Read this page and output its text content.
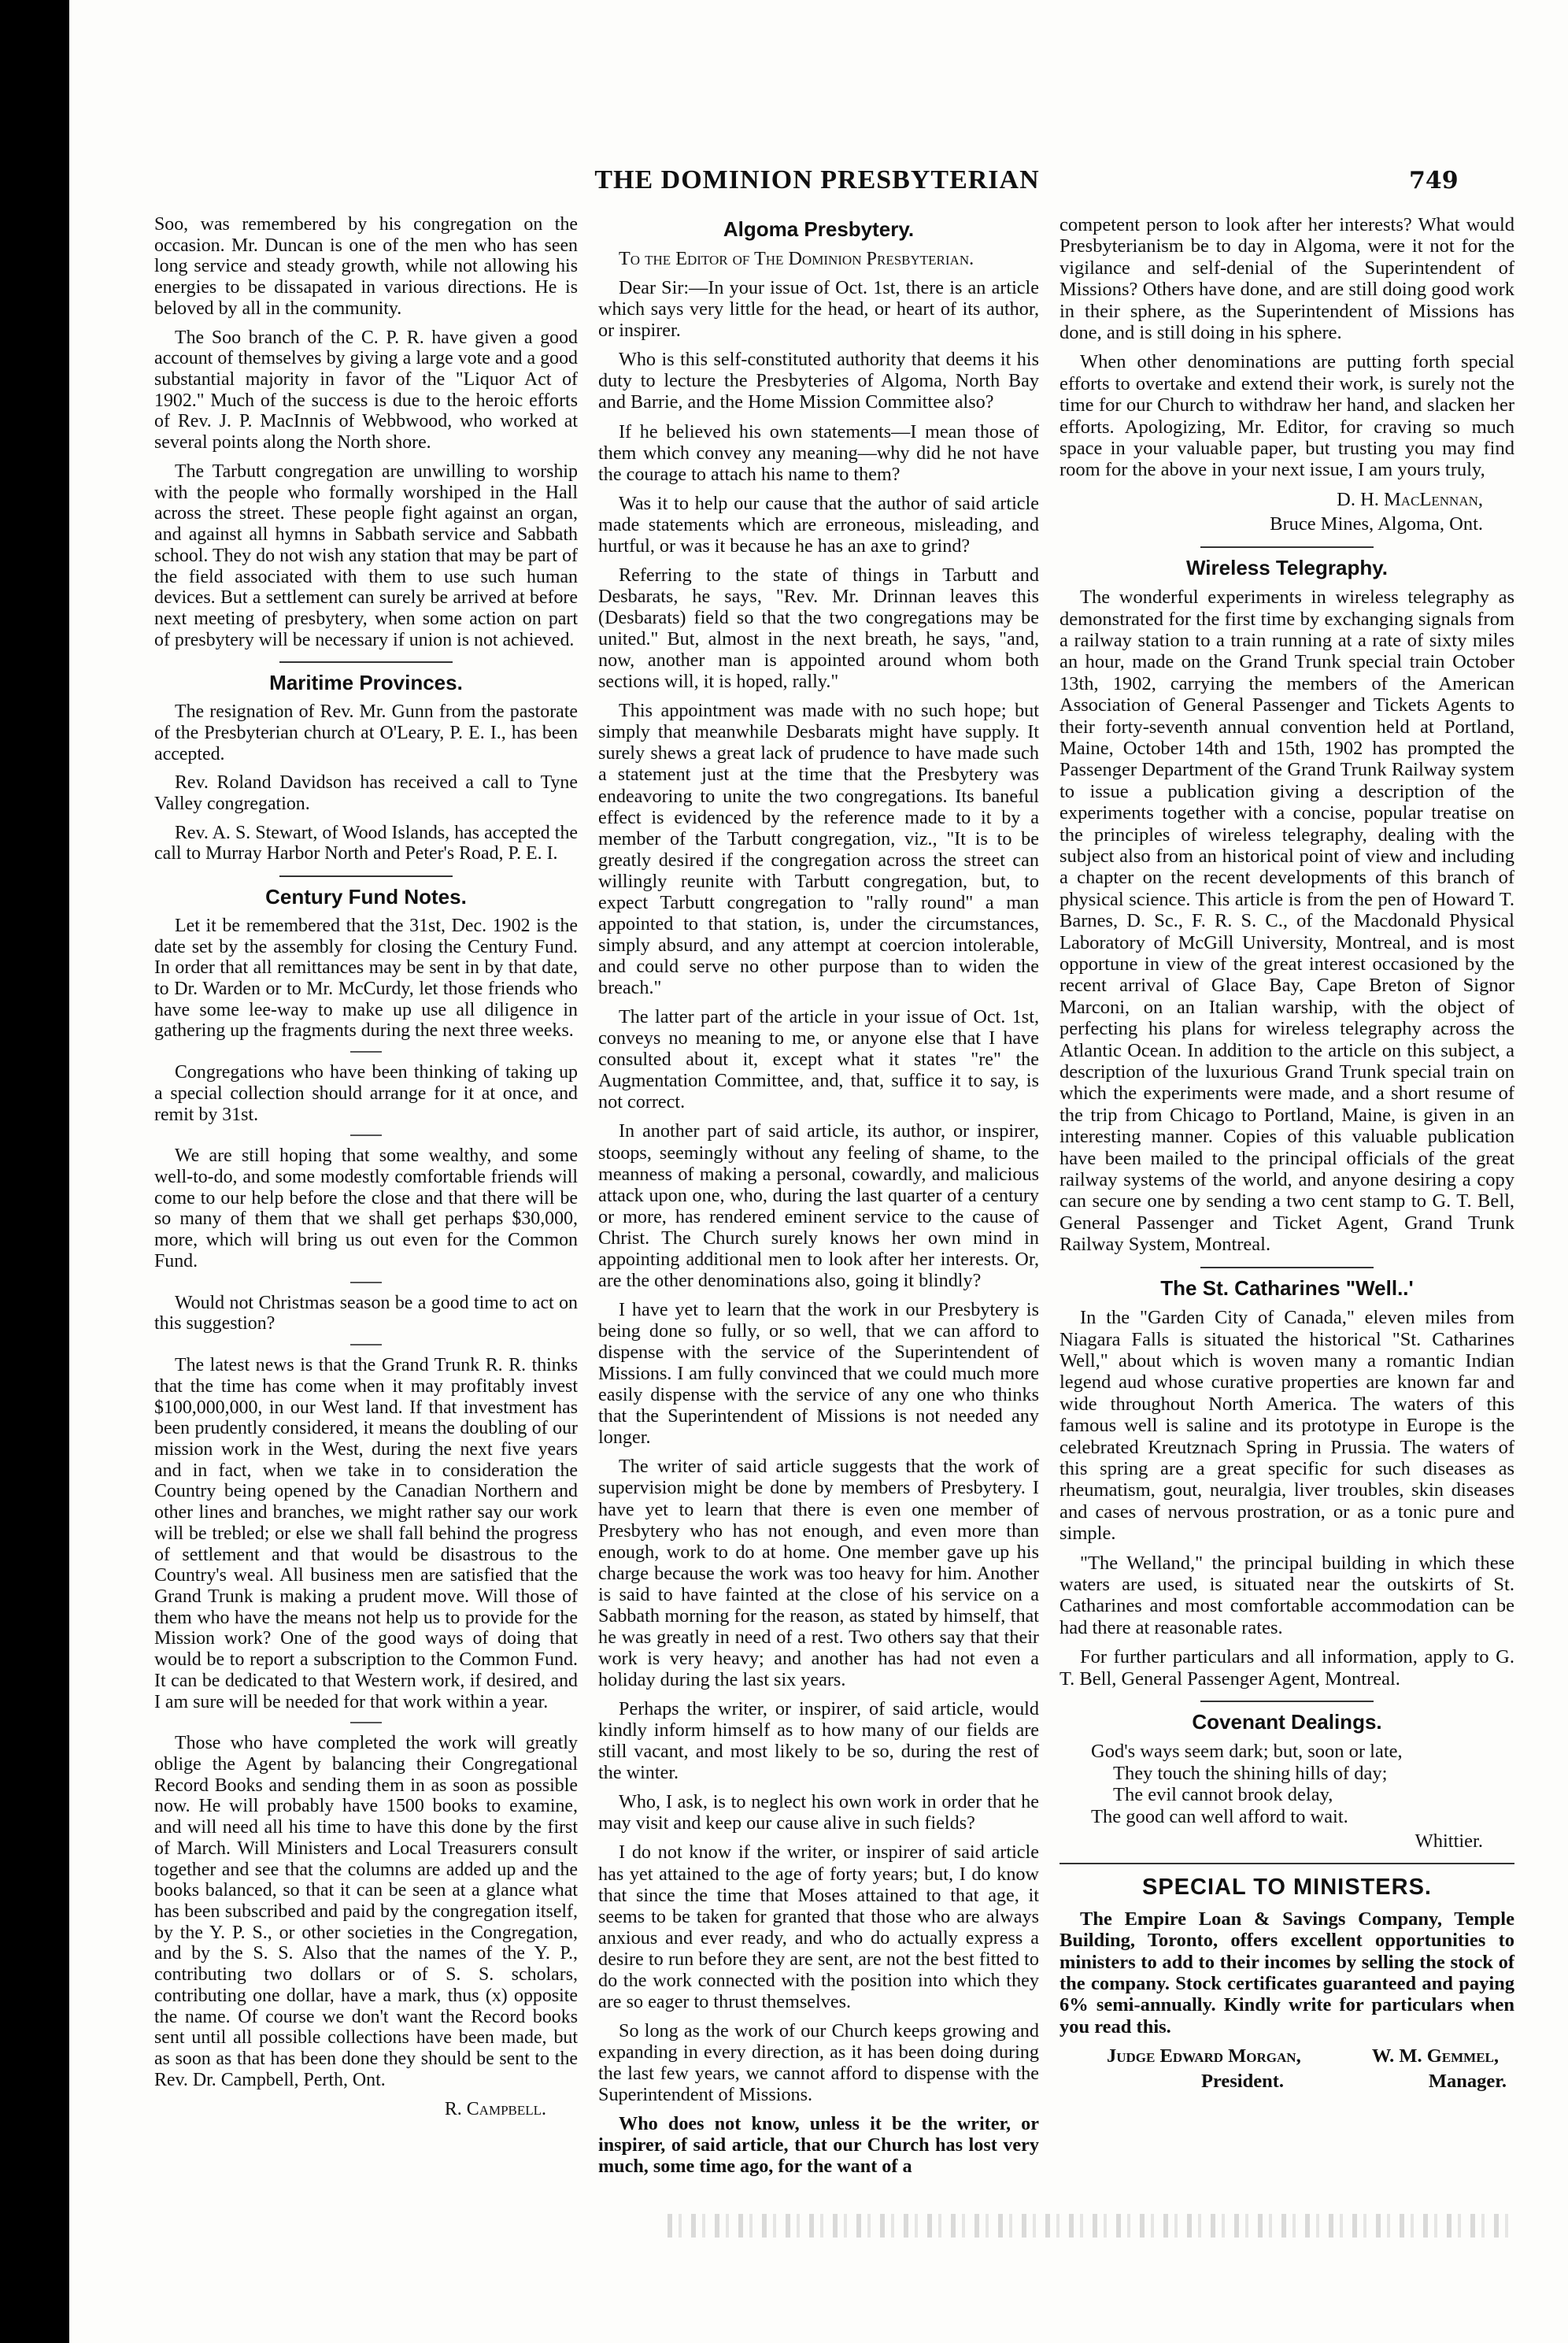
THE DOMINION PRESBYTERIAN	749

Soo, was remembered by his congregation on the occasion. Mr. Duncan is one of the men who has seen long service and steady growth, while not allowing his energies to be dissapated in various directions. He is beloved by all in the community.

The Soo branch of the C. P. R. have given a good account of themselves by giving a large vote and a good substantial majority in favor of the "Liquor Act of 1902." Much of the success is due to the heroic efforts of Rev. J. P. MacInnis of Webbwood, who worked at several points along the North shore.

The Tarbutt congregation are unwilling to worship with the people who formally worshiped in the Hall across the street. These people fight against an organ, and against all hymns in Sabbath service and Sabbath school. They do not wish any station that may be part of the field associated with them to use such human devices. But a settlement can surely be arrived at before next meeting of presbytery, when some action on part of presbytery will be necessary if union is not achieved.

Maritime Provinces.

The resignation of Rev. Mr. Gunn from the pastorate of the Presbyterian church at O'Leary, P. E. I., has been accepted.

Rev. Roland Davidson has received a call to Tyne Valley congregation.

Rev. A. S. Stewart, of Wood Islands, has accepted the call to Murray Harbor North and Peter's Road, P. E. I.

Century Fund Notes.

Let it be remembered that the 31st, Dec. 1902 is the date set by the assembly for closing the Century Fund. In order that all remittances may be sent in by that date, to Dr. Warden or to Mr. McCurdy, let those friends who have some lee-way to make up use all diligence in gathering up the fragments during the next three weeks.

Congregations who have been thinking of taking up a special collection should arrange for it at once, and remit by 31st.

We are still hoping that some wealthy, and some well-to-do, and some modestly comfortable friends will come to our help before the close and that there will be so many of them that we shall get perhaps $30,000, more, which will bring us out even for the Common Fund.

Would not Christmas season be a good time to act on this suggestion?

The latest news is that the Grand Trunk R. R. thinks that the time has come when it may profitably invest $100,000,000, in our West land. If that investment has been prudently considered, it means the doubling of our mission work in the West, during the next five years and in fact, when we take in to consideration the Country being opened by the Canadian Northern and other lines and branches, we might rather say our work will be trebled; or else we shall fall behind the progress of settlement and that would be disastrous to the Country's weal. All business men are satisfied that the Grand Trunk is making a prudent move. Will those of them who have the means not help us to provide for the Mission work? One of the good ways of doing that would be to report a subscription to the Common Fund. It can be dedicated to that Western work, if desired, and I am sure will be needed for that work within a year.

Those who have completed the work will greatly oblige the Agent by balancing their Congregational Record Books and sending them in as soon as possible now. He will probably have 1500 books to examine, and will need all his time to have this done by the first of March. Will Ministers and Local Treasurers consult together and see that the columns are added up and the books balanced, so that it can be seen at a glance what has been subscribed and paid by the congregation itself, by the Y. P. S., or other societies in the Congregation, and by the S. S. Also that the names of the Y. P., contributing two dollars or of S. S. scholars, contributing one dollar, have a mark, thus (x) opposite the name. Of course we don't want the Record books sent until all possible collections have been made, but as soon as that has been done they should be sent to the Rev. Dr. Campbell, Perth, Ont.

R. Campbell.
Algoma Presbytery.

To the Editor of The Dominion Presbyterian.

Dear Sir:—In your issue of Oct. 1st, there is an article which says very little for the head, or heart of its author, or inspirer.

Who is this self-constituted authority that deems it his duty to lecture the Presbyteries of Algoma, North Bay and Barrie, and the Home Mission Committee also?

If he believed his own statements—I mean those of them which convey any meaning—why did he not have the courage to attach his name to them?

Was it to help our cause that the author of said article made statements which are erroneous, misleading, and hurtful, or was it because he has an axe to grind?

Referring to the state of things in Tarbutt and Desbarats, he says, "Rev. Mr. Drinnan leaves this (Desbarats) field so that the two congregations may be united." But, almost in the next breath, he says, "and, now, another man is appointed around whom both sections will, it is hoped, rally."

This appointment was made with no such hope; but simply that meanwhile Desbarats might have supply. It surely shews a great lack of prudence to have made such a statement just at the time that the Presbytery was endeavoring to unite the two congregations. Its baneful effect is evidenced by the reference made to it by a member of the Tarbutt congregation, viz., "It is to be greatly desired if the congregation across the street can willingly reunite with Tarbutt congregation, but, to expect Tarbutt congregation to "rally round" a man appointed to that station, is, under the circumstances, simply absurd, and any attempt at coercion intolerable, and could serve no other purpose than to widen the breach."

The latter part of the article in your issue of Oct. 1st, conveys no meaning to me, or anyone else that I have consulted about it, except what it states "re" the Augmentation Committee, and, that, suffice it to say, is not correct.

In another part of said article, its author, or inspirer, stoops, seemingly without any feeling of shame, to the meanness of making a personal, cowardly, and malicious attack upon one, who, during the last quarter of a century or more, has rendered eminent service to the cause of Christ. The Church surely knows her own mind in appointing additional men to look after her interests. Or, are the other denominations also, going it blindly?

I have yet to learn that the work in our Presbytery is being done so fully, or so well, that we can afford to dispense with the service of the Superintendent of Missions. I am fully convinced that we could much more easily dispense with the service of any one who thinks that the Superintendent of Missions is not needed any longer.

The writer of said article suggests that the work of supervision might be done by members of Presbytery. I have yet to learn that there is even one member of Presbytery who has not enough, and even more than enough, work to do at home. One member gave up his charge because the work was too heavy for him. Another is said to have fainted at the close of his service on a Sabbath morning for the reason, as stated by himself, that he was greatly in need of a rest. Two others say that their work is very heavy; and another has had not even a holiday during the last six years.

Perhaps the writer, or inspirer, of said article, would kindly inform himself as to how many of our fields are still vacant, and most likely to be so, during the rest of the winter.

Who, I ask, is to neglect his own work in order that he may visit and keep our cause alive in such fields?

I do not know if the writer, or inspirer of said article has yet attained to the age of forty years; but, I do know that since the time that Moses attained to that age, it seems to be taken for granted that those who are always anxious and ever ready, and who do actually express a desire to run before they are sent, are not the best fitted to do the work connected with the position into which they are so eager to thrust themselves.

So long as the work of our Church keeps growing and expanding in every direction, as it has been doing during the last few years, we cannot afford to dispense with the Superintendent of Missions.

Who does not know, unless it be the writer, or inspirer, of said article, that our Church has lost very much, some time ago, for the want of a

competent person to look after her interests? What would Presbyterianism be to day in Algoma, were it not for the vigilance and self-denial of the Superintendent of Missions? Others have done, and are still doing good work in their sphere, as the Superintendent of Missions has done, and is still doing in his sphere.

When other denominations are putting forth special efforts to overtake and extend their work, is surely not the time for our Church to withdraw her hand, and slacken her efforts. Apologizing, Mr. Editor, for craving so much space in your valuable paper, but trusting you may find room for the above in your next issue, I am yours truly,

D. H. MacLennan,
Bruce Mines, Algoma, Ont.
Wireless Telegraphy.

The wonderful experiments in wireless telegraphy as demonstrated for the first time by exchanging signals from a railway station to a train running at a rate of sixty miles an hour, made on the Grand Trunk special train October 13th, 1902, carrying the members of the American Association of General Passenger and Tickets Agents to their forty-seventh annual convention held at Portland, Maine, October 14th and 15th, 1902 has prompted the Passenger Department of the Grand Trunk Railway system to issue a publication giving a description of the experiments together with a concise, popular treatise on the principles of wireless telegraphy, dealing with the subject also from an historical point of view and including a chapter on the recent developments of this branch of physical science. This article is from the pen of Howard T. Barnes, D. Sc., F. R. S. C., of the Macdonald Physical Laboratory of McGill University, Montreal, and is most opportune in view of the great interest occasioned by the recent arrival of Glace Bay, Cape Breton of Signor Marconi, on an Italian warship, with the object of perfecting his plans for wireless telegraphy across the Atlantic Ocean. In addition to the article on this subject, a description of the luxurious Grand Trunk special train on which the experiments were made, and a short resume of the trip from Chicago to Portland, Maine, is given in an interesting manner. Copies of this valuable publication have been mailed to the principal officials of the great railway systems of the world, and anyone desiring a copy can secure one by sending a two cent stamp to G. T. Bell, General Passenger and Ticket Agent, Grand Trunk Railway System, Montreal.

The St. Catharines "Well..'

In the "Garden City of Canada," eleven miles from Niagara Falls is situated the historical "St. Catharines Well," about which is woven many a romantic Indian legend aud whose curative properties are known far and wide throughout North America. The waters of this famous well is saline and its prototype in Europe is the celebrated Kreutznach Spring in Prussia. The waters of this spring are a great specific for such diseases as rheumatism, gout, neuralgia, liver troubles, skin diseases and cases of nervous prostration, or as a tonic pure and simple.

"The Welland," the principal building in which these waters are used, is situated near the outskirts of St. Catharines and most comfortable accommodation can be had there at reasonable rates.

For further particulars and all information, apply to G. T. Bell, General Passenger Agent, Montreal.

Covenant Dealings.
God's ways seem dark; but, soon or late,
They touch the shining hills of day;
The evil cannot brook delay,
The good can well afford to wait.
Whittier.
SPECIAL TO MINISTERS.

The Empire Loan & Savings Company, Temple Building, Toronto, offers excellent opportunities to ministers to add to their incomes by selling the stock of the company. Stock certificates guaranteed and paying 6% semi-annually. Kindly write for particulars when you read this.

Judge Edward Morgan,	W. M. Gemmel,
President.	Manager.
